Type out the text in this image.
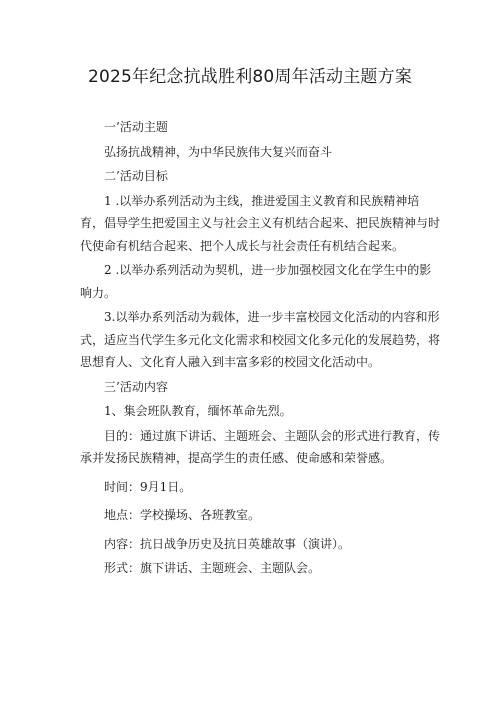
2025年纪念抗战胜利80周年活动主题方案

一’活动主题

弘扬抗战精神，为中华民族伟大复兴而奋斗

二’活动目标

1 .以举办系列活动为主线，推进爱国主义教育和民族精神培育，倡导学生把爱国主义与社会主义有机结合起来、把民族精神与时代使命有机结合起来、把个人成长与社会责任有机结合起来。

2 .以举办系列活动为契机，进一步加强校园文化在学生中的影响力。

3.以举办系列活动为载体，进一步丰富校园文化活动的内容和形式，适应当代学生多元化文化需求和校园文化多元化的发展趋势，将思想育人、文化育人融入到丰富多彩的校园文化活动中。

三’活动内容

1、集会班队教育，缅怀革命先烈。

目的：通过旗下讲话、主题班会、主题队会的形式进行教育，传承并发扬民族精神，提高学生的责任感、使命感和荣誉感。

时间：9月1日。

地点：学校操场、各班教室。

内容：抗日战争历史及抗日英雄故事（演讲）。

形式：旗下讲话、主题班会、主题队会。
